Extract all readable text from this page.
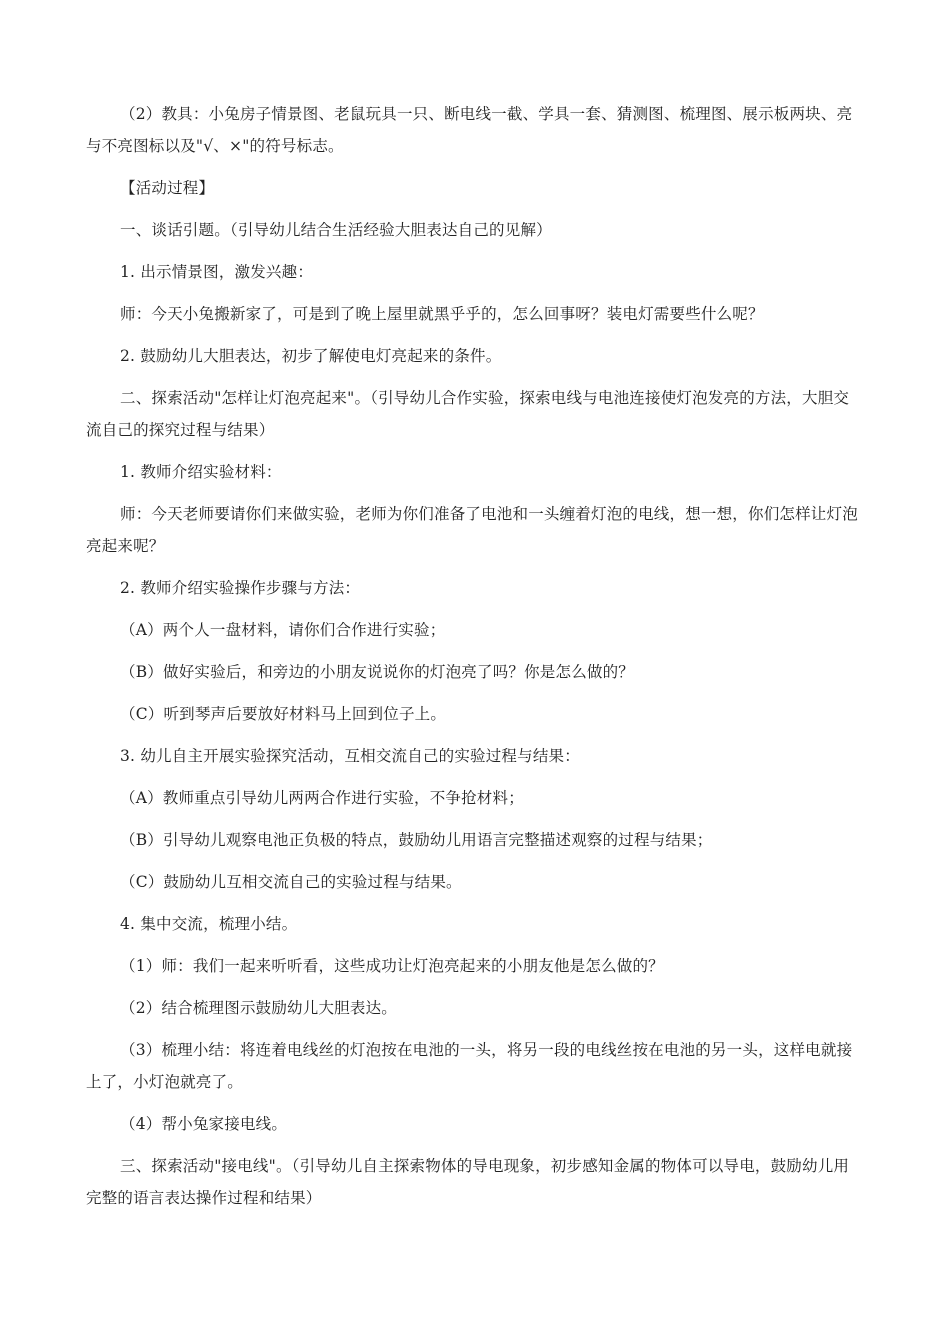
（2）教具：小兔房子情景图、老鼠玩具一只、断电线一截、学具一套、猜测图、梳理图、展示板两块、亮与不亮图标以及"√、×"的符号标志。

【活动过程】

一、谈话引题。（引导幼儿结合生活经验大胆表达自己的见解）

1. 出示情景图，激发兴趣：

师：今天小兔搬新家了，可是到了晚上屋里就黑乎乎的，怎么回事呀？装电灯需要些什么呢？

2. 鼓励幼儿大胆表达，初步了解使电灯亮起来的条件。

二、探索活动"怎样让灯泡亮起来"。（引导幼儿合作实验，探索电线与电池连接使灯泡发亮的方法，大胆交流自己的探究过程与结果）

1. 教师介绍实验材料：

师：今天老师要请你们来做实验，老师为你们准备了电池和一头缠着灯泡的电线，想一想，你们怎样让灯泡亮起来呢？

2. 教师介绍实验操作步骤与方法：

（A）两个人一盘材料，请你们合作进行实验；

（B）做好实验后，和旁边的小朋友说说你的灯泡亮了吗？你是怎么做的？

（C）听到琴声后要放好材料马上回到位子上。

3. 幼儿自主开展实验探究活动，互相交流自己的实验过程与结果：

（A）教师重点引导幼儿两两合作进行实验，不争抢材料；

（B）引导幼儿观察电池正负极的特点，鼓励幼儿用语言完整描述观察的过程与结果；

（C）鼓励幼儿互相交流自己的实验过程与结果。

4. 集中交流，梳理小结。

（1）师：我们一起来听听看，这些成功让灯泡亮起来的小朋友他是怎么做的？

（2）结合梳理图示鼓励幼儿大胆表达。

（3）梳理小结：将连着电线丝的灯泡按在电池的一头，将另一段的电线丝按在电池的另一头，这样电就接上了，小灯泡就亮了。

（4）帮小兔家接电线。

三、探索活动"接电线"。（引导幼儿自主探索物体的导电现象，初步感知金属的物体可以导电，鼓励幼儿用完整的语言表达操作过程和结果）
